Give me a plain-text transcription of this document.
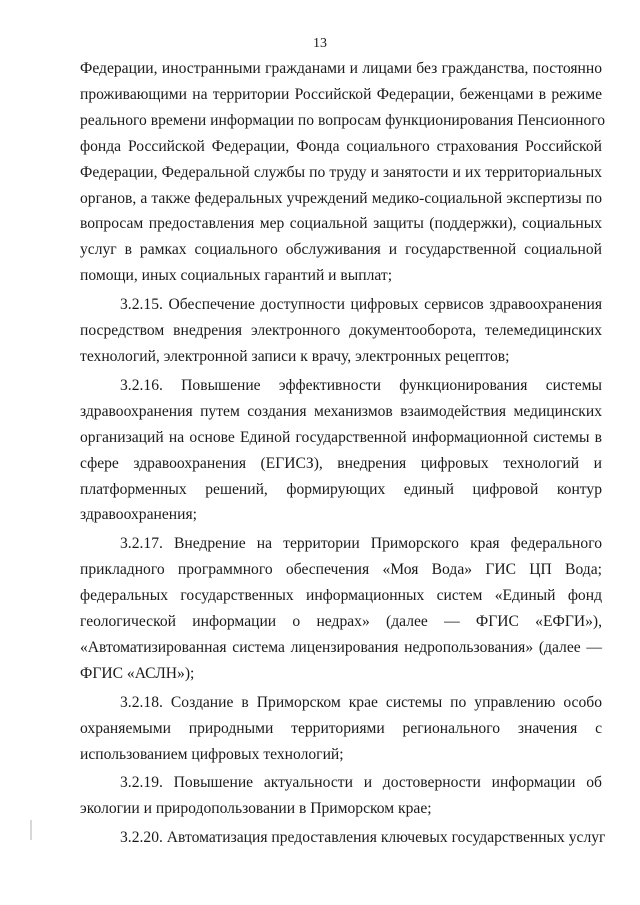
13
Федерации, иностранными гражданами и лицами без гражданства, постоянно
проживающими на территории Российской Федерации, беженцами в режиме
реального времени информации по вопросам функционирования Пенсионного
фонда Российской Федерации, Фонда социального страхования Российской
Федерации, Федеральной службы по труду и занятости и их территориальных
органов, а также федеральных учреждений медико-социальной экспертизы по
вопросам предоставления мер социальной защиты (поддержки), социальных
услуг в рамках социального обслуживания и государственной социальной
помощи, иных социальных гарантий и выплат;
3.2.15. Обеспечение доступности цифровых сервисов здравоохранения
посредством внедрения электронного документооборота, телемедицинских
технологий, электронной записи к врачу, электронных рецептов;
3.2.16. Повышение эффективности функционирования системы
здравоохранения путем создания механизмов взаимодействия медицинских
организаций на основе Единой государственной информационной системы в
сфере здравоохранения (ЕГИСЗ), внедрения цифровых технологий и
платформенных решений, формирующих единый цифровой контур
здравоохранения;
3.2.17. Внедрение на территории Приморского края федерального
прикладного программного обеспечения «Моя Вода» ГИС ЦП Вода;
федеральных государственных информационных систем «Единый фонд
геологической информации о недрах» (далее — ФГИС «ЕФГИ»),
«Автоматизированная система лицензирования недропользования» (далее —
ФГИС «АСЛН»);
3.2.18. Создание в Приморском крае системы по управлению особо
охраняемыми природными территориями регионального значения с
использованием цифровых технологий;
3.2.19. Повышение актуальности и достоверности информации об
экологии и природопользовании в Приморском крае;
3.2.20. Автоматизация предоставления ключевых государственных услуг
